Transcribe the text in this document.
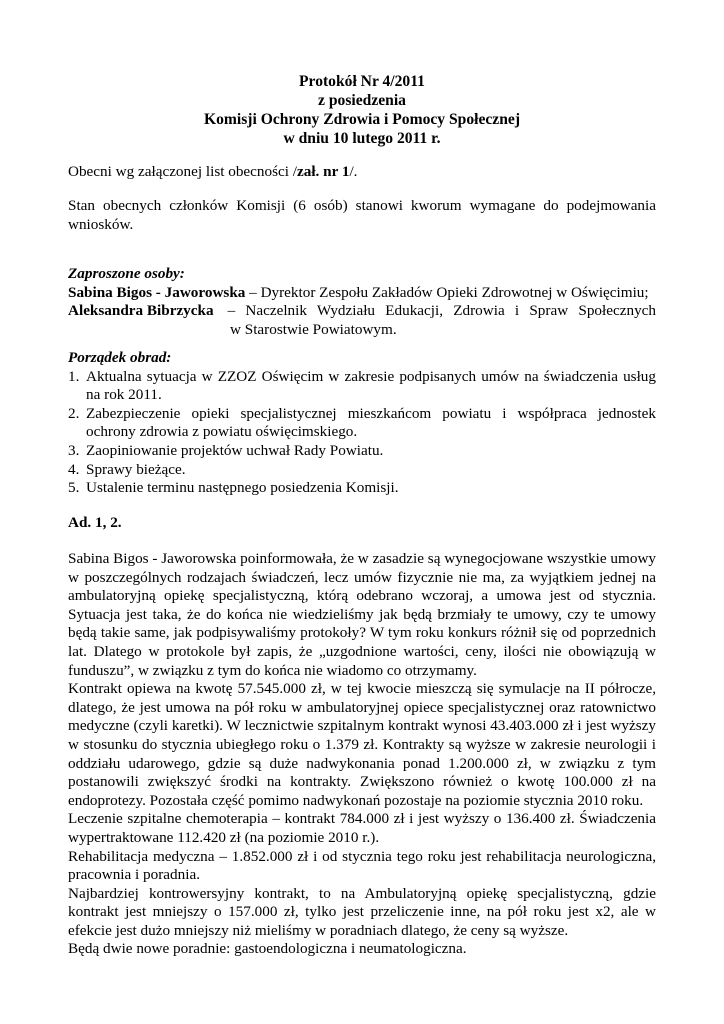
Protokół Nr 4/2011
z posiedzenia
Komisji Ochrony Zdrowia i Pomocy Społecznej
w dniu 10 lutego 2011 r.

Obecni wg załączonej list obecności /zał. nr 1/.

Stan obecnych członków Komisji (6 osób) stanowi kworum wymagane do podejmowania wniosków.

Zaproszone osoby:

Sabina Bigos - Jaworowska – Dyrektor Zespołu Zakładów Opieki Zdrowotnej w Oświęcimiu;

Aleksandra Bibrzycka – Naczelnik Wydziału Edukacji, Zdrowia i Spraw Społecznych

w Starostwie Powiatowym.

Porządek obrad:

1. Aktualna sytuacja w ZZOZ Oświęcim w zakresie podpisanych umów na świadczenia usług na rok 2011.
2. Zabezpieczenie opieki specjalistycznej mieszkańcom powiatu i współpraca jednostek ochrony zdrowia z powiatu oświęcimskiego.
3. Zaopiniowanie projektów uchwał Rady Powiatu.
4. Sprawy bieżące.
5. Ustalenie terminu następnego posiedzenia Komisji.

Ad. 1, 2.

Sabina Bigos - Jaworowska poinformowała, że w zasadzie są wynegocjowane wszystkie umowy w poszczególnych rodzajach świadczeń, lecz umów fizycznie nie ma, za wyjątkiem jednej na ambulatoryjną opiekę specjalistyczną, którą odebrano wczoraj, a umowa jest od stycznia. Sytuacja jest taka, że do końca nie wiedzieliśmy jak będą brzmiały te umowy, czy te umowy będą takie same, jak podpisywaliśmy protokoły? W tym roku konkurs różnił się od poprzednich lat. Dlatego w protokole był zapis, że „uzgodnione wartości, ceny, ilości nie obowiązują w funduszu”, w związku z tym do końca nie wiadomo co otrzymamy.

Kontrakt opiewa na kwotę 57.545.000 zł, w tej kwocie mieszczą się symulacje na II półrocze, dlatego, że jest umowa na pół roku w ambulatoryjnej opiece specjalistycznej oraz ratownictwo medyczne (czyli karetki). W lecznictwie szpitalnym kontrakt wynosi 43.403.000 zł i jest wyższy w stosunku do stycznia ubiegłego roku o 1.379 zł. Kontrakty są wyższe w zakresie neurologii i oddziału udarowego, gdzie są duże nadwykonania ponad 1.200.000 zł, w związku z tym postanowili zwiększyć środki na kontrakty. Zwiększono również o kwotę 100.000 zł na endoprotezy. Pozostała część pomimo nadwykonań pozostaje na poziomie stycznia 2010 roku.

Leczenie szpitalne chemoterapia – kontrakt 784.000 zł i jest wyższy o 136.400 zł. Świadczenia wypertraktowane 112.420 zł (na poziomie 2010 r.).

Rehabilitacja medyczna – 1.852.000 zł i od stycznia tego roku jest rehabilitacja neurologiczna, pracownia i poradnia.

Najbardziej kontrowersyjny kontrakt, to na Ambulatoryjną opiekę specjalistyczną, gdzie kontrakt jest mniejszy o 157.000 zł, tylko jest przeliczenie inne, na pół roku jest x2, ale w efekcie jest dużo mniejszy niż mieliśmy w poradniach dlatego, że ceny są wyższe.

Będą dwie nowe poradnie: gastoendologiczna i neumatologiczna.
